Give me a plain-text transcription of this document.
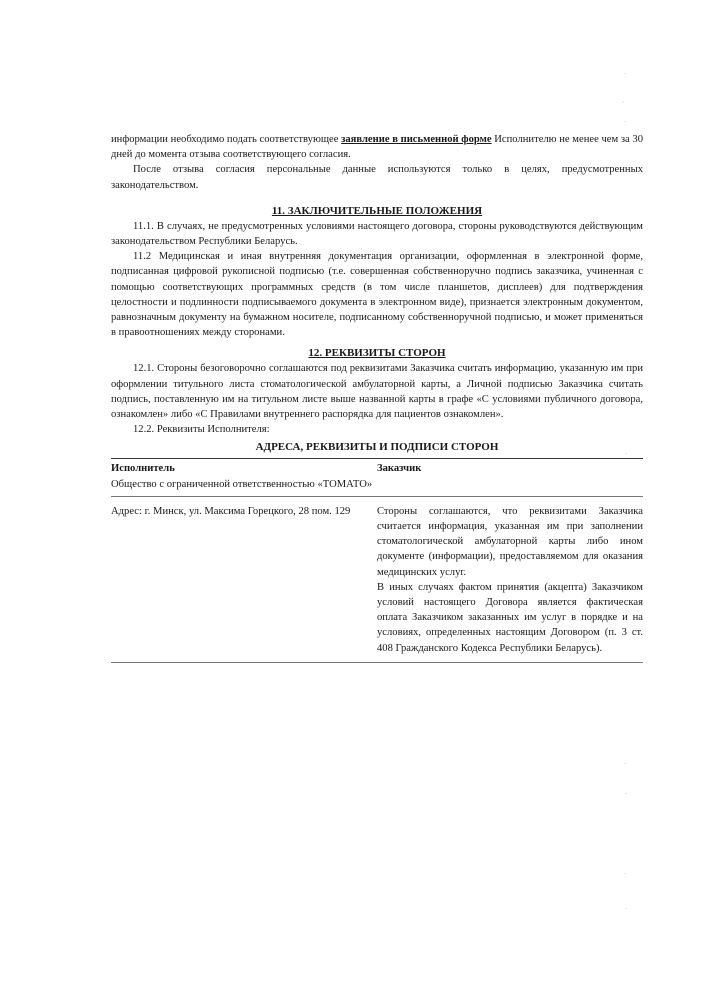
информации необходимо подать соответствующее заявление в письменной форме Исполнителю не менее чем за 30 дней до момента отзыва соответствующего согласия.

После отзыва согласия персональные данные используются только в целях, предусмотренных законодательством.

11. ЗАКЛЮЧИТЕЛЬНЫЕ ПОЛОЖЕНИЯ

11.1. В случаях, не предусмотренных условиями настоящего договора, стороны руководствуются действующим законодательством Республики Беларусь.

11.2 Медицинская и иная внутренняя документация организации, оформленная в электронной форме, подписанная цифровой рукописной подписью (т.е. совершенная собственноручно подпись заказчика, учиненная с помощью соответствующих программных средств (в том числе планшетов, дисплеев) для подтверждения целостности и подлинности подписываемого документа в электронном виде), признается электронным документом, равнозначным документу на бумажном носителе, подписанному собственноручной подписью, и может применяться в правоотношениях между сторонами.

12. РЕКВИЗИТЫ СТОРОН

12.1. Стороны безоговорочно соглашаются под реквизитами Заказчика считать информацию, указанную им при оформлении титульного листа стоматологической амбулаторной карты, а Личной подписью Заказчика считать подпись, поставленную им на титульном листе выше названной карты в графе «С условиями публичного договора, ознакомлен» либо «С Правилами внутреннего распорядка для пациентов ознакомлен».

12.2. Реквизиты Исполнителя:

АДРЕСА, РЕКВИЗИТЫ И ПОДПИСИ СТОРОН
Исполнитель

Общество с ограниченной ответственностью «ТОМАТО»

Заказчик

Адрес: г. Минск, ул. Максима Горецкого, 28 пом. 129	Стороны соглашаются, что реквизитами Заказчика считается информация, указанная им при заполнении стоматологической амбулаторной карты либо ином документе (информации), предоставляемом для оказания медицинских услуг.

В иных случаях фактом принятия (акцепта) Заказчиком условий настоящего Договора является фактическая оплата Заказчиком заказанных им услуг в порядке и на условиях, определенных настоящим Договором (п. 3 ст. 408 Гражданского Кодекса Республики Беларусь).

·
'
·
·
·
·
·
·
